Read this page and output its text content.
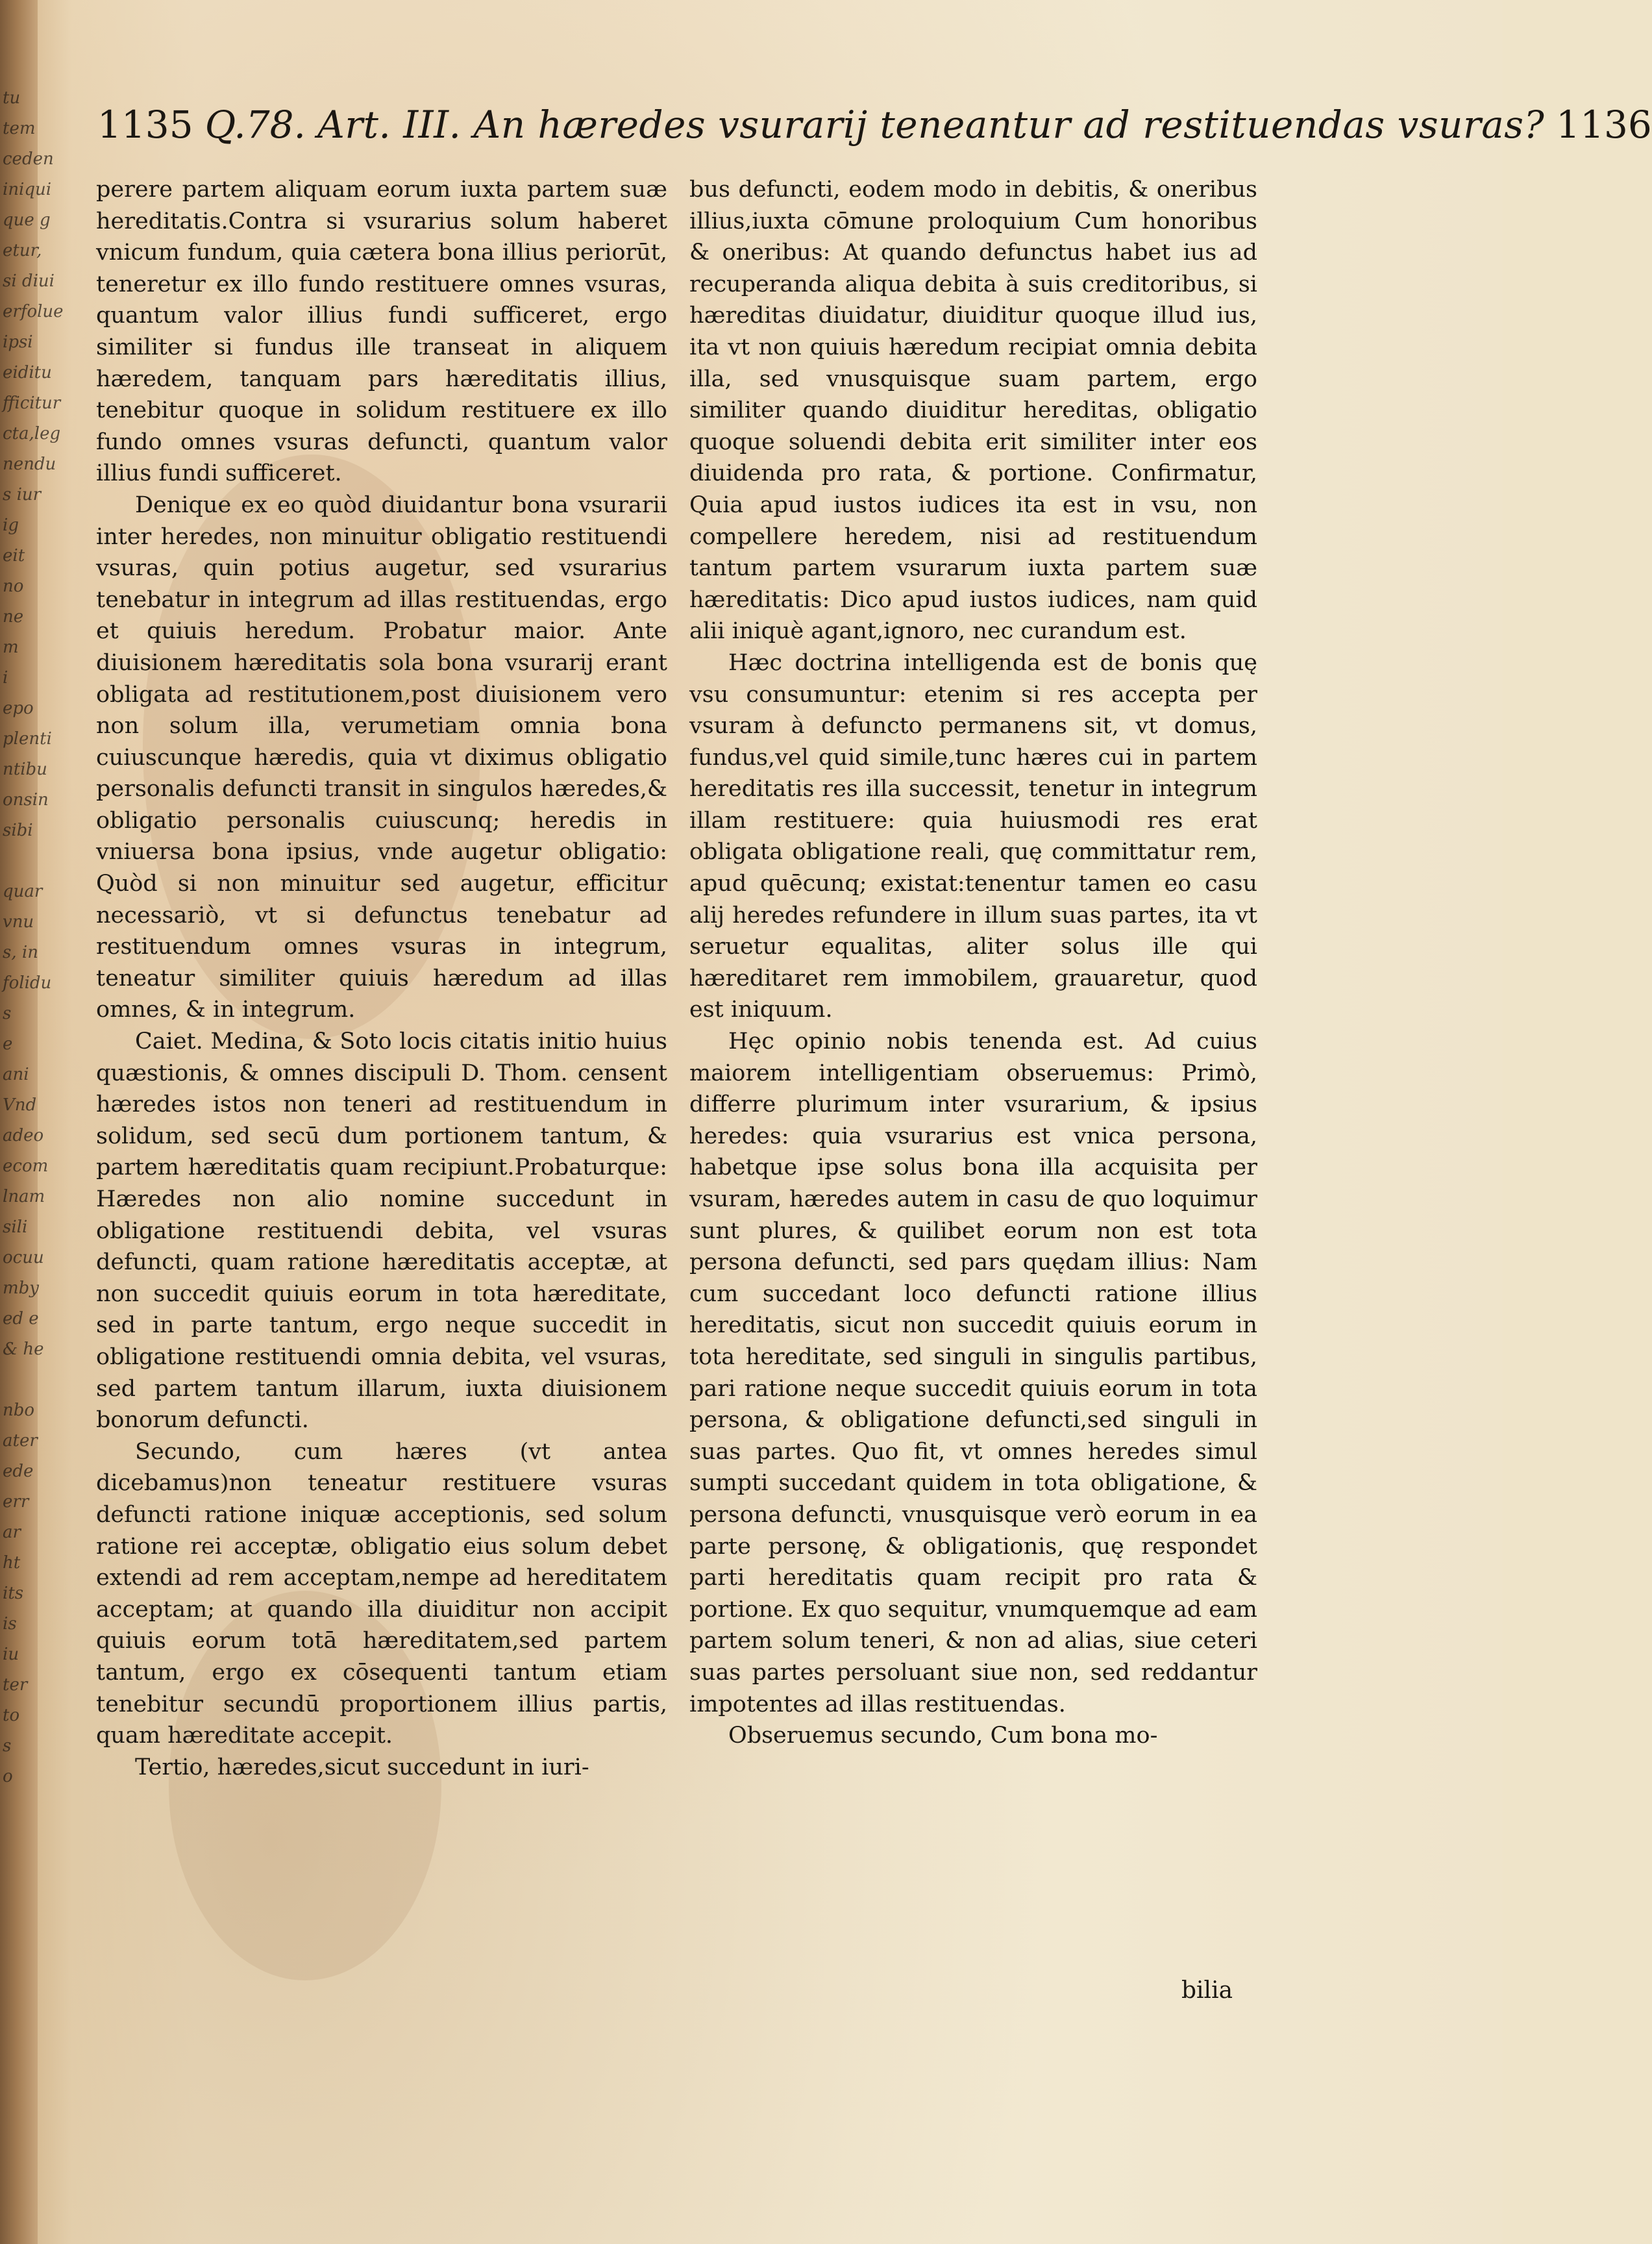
tu
tem
ceden
iniqui
que g
etur,
si diui
erfolue
ipsi
eiditu
fficitur
cta,leg
nendu
s iur
ig
eit
no
ne
m
i
epo
plenti
ntibu
onsin
sibi
quar
vnu
s, in
folidu
s
e
ani
Vnd
adeo
ecom
lnam
sili
ocuu
mby
ed e
& he
nbo
ater
ede
err
ar
ht
its
is
iu
ter
to
s
o
1135 Q.78. Art. III. An hæredes vsurarij teneantur ad restituendas vsuras? 1136

perere partem aliquam eorum iuxta partem suæ hereditatis.Contra si vsurarius solum haberet vnicum fundum, quia cætera bona illius periorūt, teneretur ex illo fundo restituere omnes vsuras, quantum valor illius fundi sufficeret, ergo similiter si fundus ille transeat in aliquem hæredem, tanquam pars hæreditatis illius, tenebitur quoque in solidum restituere ex illo fundo omnes vsuras defuncti, quantum valor illius fundi sufficeret.

Denique ex eo quòd diuidantur bona vsurarii inter heredes, non minuitur obligatio restituendi vsuras, quin potius augetur, sed vsurarius tenebatur in integrum ad illas restituendas, ergo et quiuis heredum. Probatur maior. Ante diuisionem hæreditatis sola bona vsurarij erant obligata ad restitutionem,post diuisionem vero non solum illa, verumetiam omnia bona cuiuscunque hæredis, quia vt diximus obligatio personalis defuncti transit in singulos hæredes,& obligatio personalis cuiuscunq; heredis in vniuersa bona ipsius, vnde augetur obligatio: Quòd si non minuitur sed augetur, efficitur necessariò, vt si defunctus tenebatur ad restituendum omnes vsuras in integrum, teneatur similiter quiuis hæredum ad illas omnes, & in integrum.

Caiet. Medina, & Soto locis citatis initio huius quæstionis, & omnes discipuli D. Thom. censent hæredes istos non teneri ad restituendum in solidum, sed secū dum portionem tantum, & partem hæreditatis quam recipiunt.Probaturque: Hæredes non alio nomine succedunt in obligatione restituendi debita, vel vsuras defuncti, quam ratione hæreditatis acceptæ, at non succedit quiuis eorum in tota hæreditate, sed in parte tantum, ergo neque succedit in obligatione restituendi omnia debita, vel vsuras, sed partem tantum illarum, iuxta diuisionem bonorum defuncti.

Secundo, cum hæres (vt antea dicebamus)non teneatur restituere vsuras defuncti ratione iniquæ acceptionis, sed solum ratione rei acceptæ, obligatio eius solum debet extendi ad rem acceptam,nempe ad hereditatem acceptam; at quando illa diuiditur non accipit quiuis eorum totā hæreditatem,sed partem tantum, ergo ex cōsequenti tantum etiam tenebitur secundū proportionem illius partis, quam hæreditate accepit.

Tertio, hæredes,sicut succedunt in iuri-

bus defuncti, eodem modo in debitis, & oneribus illius,iuxta cōmune proloquium Cum honoribus & oneribus: At quando defunctus habet ius ad recuperanda aliqua debita à suis creditoribus, si hæreditas diuidatur, diuiditur quoque illud ius, ita vt non quiuis hæredum recipiat omnia debita illa, sed vnusquisque suam partem, ergo similiter quando diuiditur hereditas, obligatio quoque soluendi debita erit similiter inter eos diuidenda pro rata, & portione. Confirmatur, Quia apud iustos iudices ita est in vsu, non compellere heredem, nisi ad restituendum tantum partem vsurarum iuxta partem suæ hæreditatis: Dico apud iustos iudices, nam quid alii iniquè agant,ignoro, nec curandum est.

Hæc doctrina intelligenda est de bonis quę vsu consumuntur: etenim si res accepta per vsuram à defuncto permanens sit, vt domus, fundus,vel quid simile,tunc hæres cui in partem hereditatis res illa successit, tenetur in integrum illam restituere: quia huiusmodi res erat obligata obligatione reali, quę committatur rem, apud quēcunq; existat:tenentur tamen eo casu alij heredes refundere in illum suas partes, ita vt seruetur equalitas, aliter solus ille qui hæreditaret rem immobilem, grauaretur, quod est iniquum.

Hęc opinio nobis tenenda est. Ad cuius maiorem intelligentiam obseruemus: Primò, differre plurimum inter vsurarium, & ipsius heredes: quia vsurarius est vnica persona, habetque ipse solus bona illa acquisita per vsuram, hæredes autem in casu de quo loquimur sunt plures, & quilibet eorum non est tota persona defuncti, sed pars quędam illius: Nam cum succedant loco defuncti ratione illius hereditatis, sicut non succedit quiuis eorum in tota hereditate, sed singuli in singulis partibus, pari ratione neque succedit quiuis eorum in tota persona, & obligatione defuncti,sed singuli in suas partes. Quo fit, vt omnes heredes simul sumpti succedant quidem in tota obligatione, & persona defuncti, vnusquisque verò eorum in ea parte personę, & obligationis, quę respondet parti hereditatis quam recipit pro rata & portione. Ex quo sequitur, vnumquemque ad eam partem solum teneri, & non ad alias, siue ceteri suas partes persoluant siue non, sed reddantur impotentes ad illas restituendas.

Obseruemus secundo, Cum bona mo-

bilia
